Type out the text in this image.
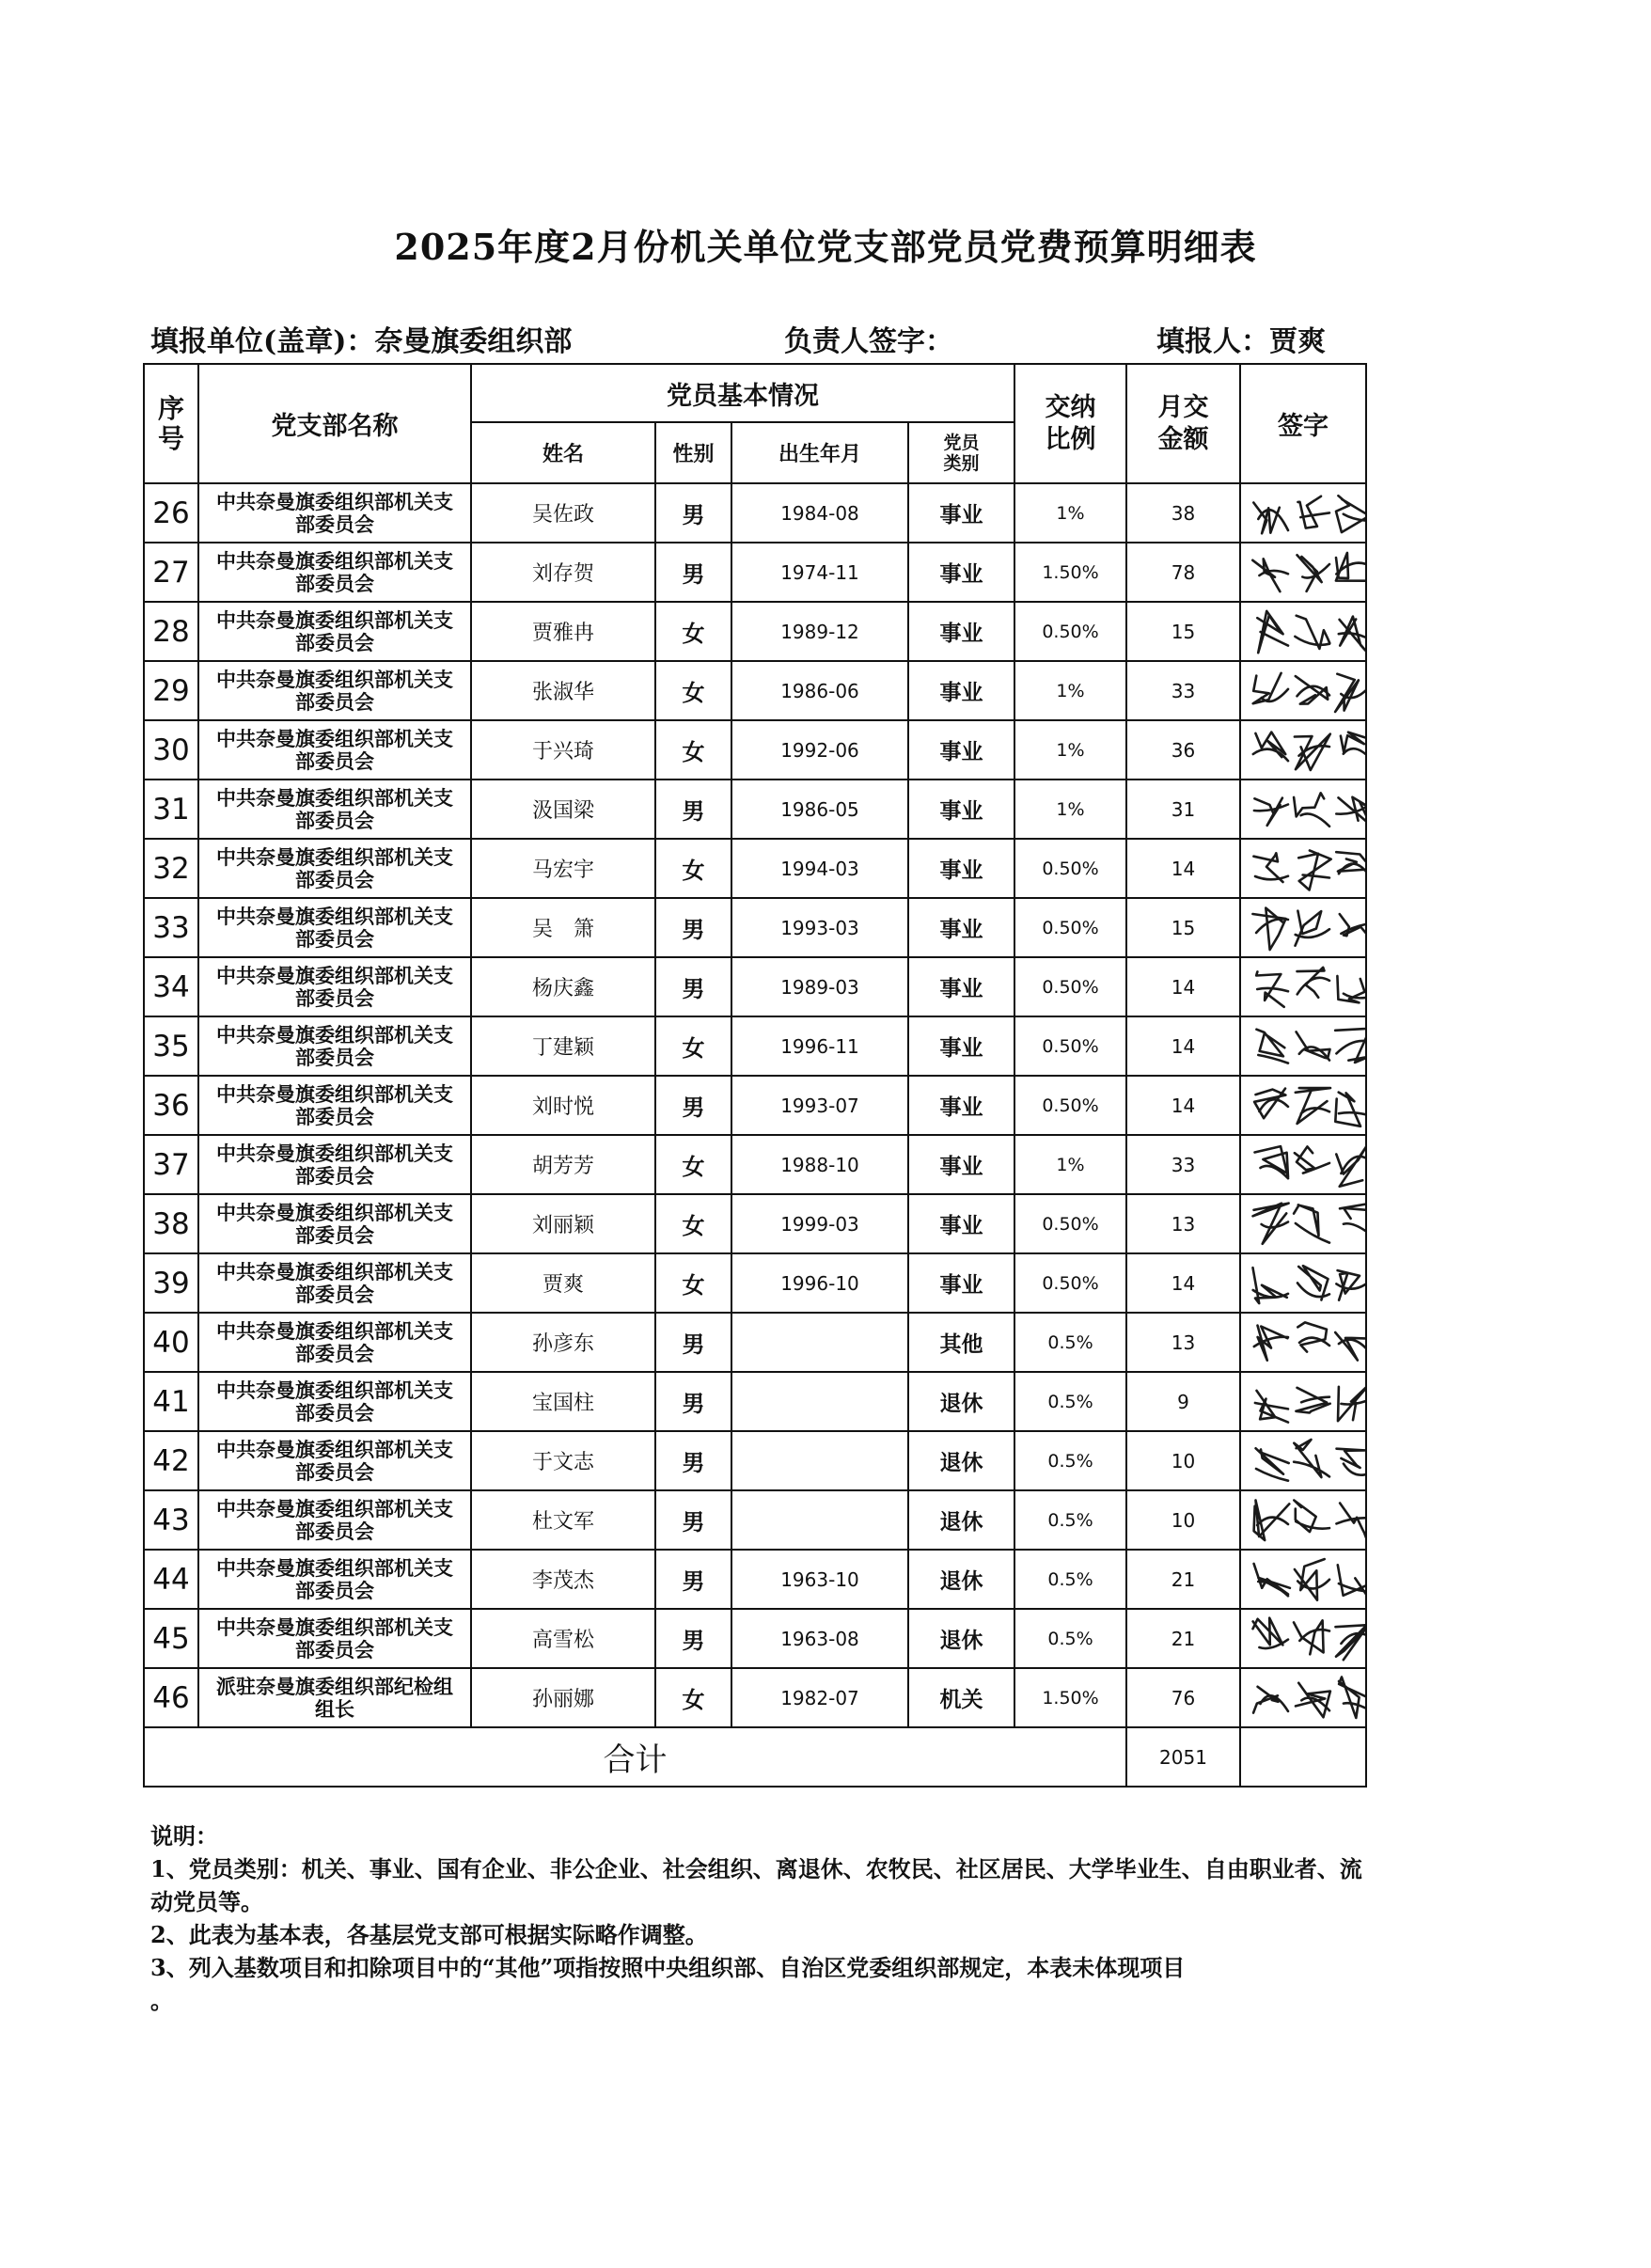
2025年度2月份机关单位党支部党员党费预算明细表
填报单位(盖章)：奈曼旗委组织部	负责人签字：	填报人：贾爽
序号	党支部名称	党员基本情况				交纳比例	月交金额	签字
		姓名	性别	出生年月	党员类别			
26	中共奈曼旗委组织部机关支部委员会	吴佐政	男	1984-08	事业	1%	38	

27	中共奈曼旗委组织部机关支部委员会	刘存贺	男	1974-11	事业	1.50%	78	

28	中共奈曼旗委组织部机关支部委员会	贾雅冉	女	1989-12	事业	0.50%	15	

29	中共奈曼旗委组织部机关支部委员会	张淑华	女	1986-06	事业	1%	33	

30	中共奈曼旗委组织部机关支部委员会	于兴琦	女	1992-06	事业	1%	36	

31	中共奈曼旗委组织部机关支部委员会	汲国梁	男	1986-05	事业	1%	31	

32	中共奈曼旗委组织部机关支部委员会	马宏宇	女	1994-03	事业	0.50%	14	

33	中共奈曼旗委组织部机关支部委员会	吴　箫	男	1993-03	事业	0.50%	15	

34	中共奈曼旗委组织部机关支部委员会	杨庆鑫	男	1989-03	事业	0.50%	14	

35	中共奈曼旗委组织部机关支部委员会	丁建颖	女	1996-11	事业	0.50%	14	

36	中共奈曼旗委组织部机关支部委员会	刘时悦	男	1993-07	事业	0.50%	14	

37	中共奈曼旗委组织部机关支部委员会	胡芳芳	女	1988-10	事业	1%	33	

38	中共奈曼旗委组织部机关支部委员会	刘丽颖	女	1999-03	事业	0.50%	13	

39	中共奈曼旗委组织部机关支部委员会	贾爽	女	1996-10	事业	0.50%	14	

40	中共奈曼旗委组织部机关支部委员会	孙彦东	男		其他	0.5%	13	

41	中共奈曼旗委组织部机关支部委员会	宝国柱	男		退休	0.5%	9	

42	中共奈曼旗委组织部机关支部委员会	于文志	男		退休	0.5%	10	

43	中共奈曼旗委组织部机关支部委员会	杜文军	男		退休	0.5%	10	

44	中共奈曼旗委组织部机关支部委员会	李茂杰	男	1963-10	退休	0.5%	21	

45	中共奈曼旗委组织部机关支部委员会	高雪松	男	1963-08	退休	0.5%	21	

46	派驻奈曼旗委组织部纪检组组长	孙丽娜	女	1982-07	机关	1.50%	76	

合计							2051	

说明：

1、党员类别：机关、事业、国有企业、非公企业、社会组织、离退休、农牧民、社区居民、大学毕业生、自由职业者、流动党员等。

2、此表为基本表，各基层党支部可根据实际略作调整。

3、列入基数项目和扣除项目中的“其他”项指按照中央组织部、自治区党委组织部规定，本表未体现项目

。
